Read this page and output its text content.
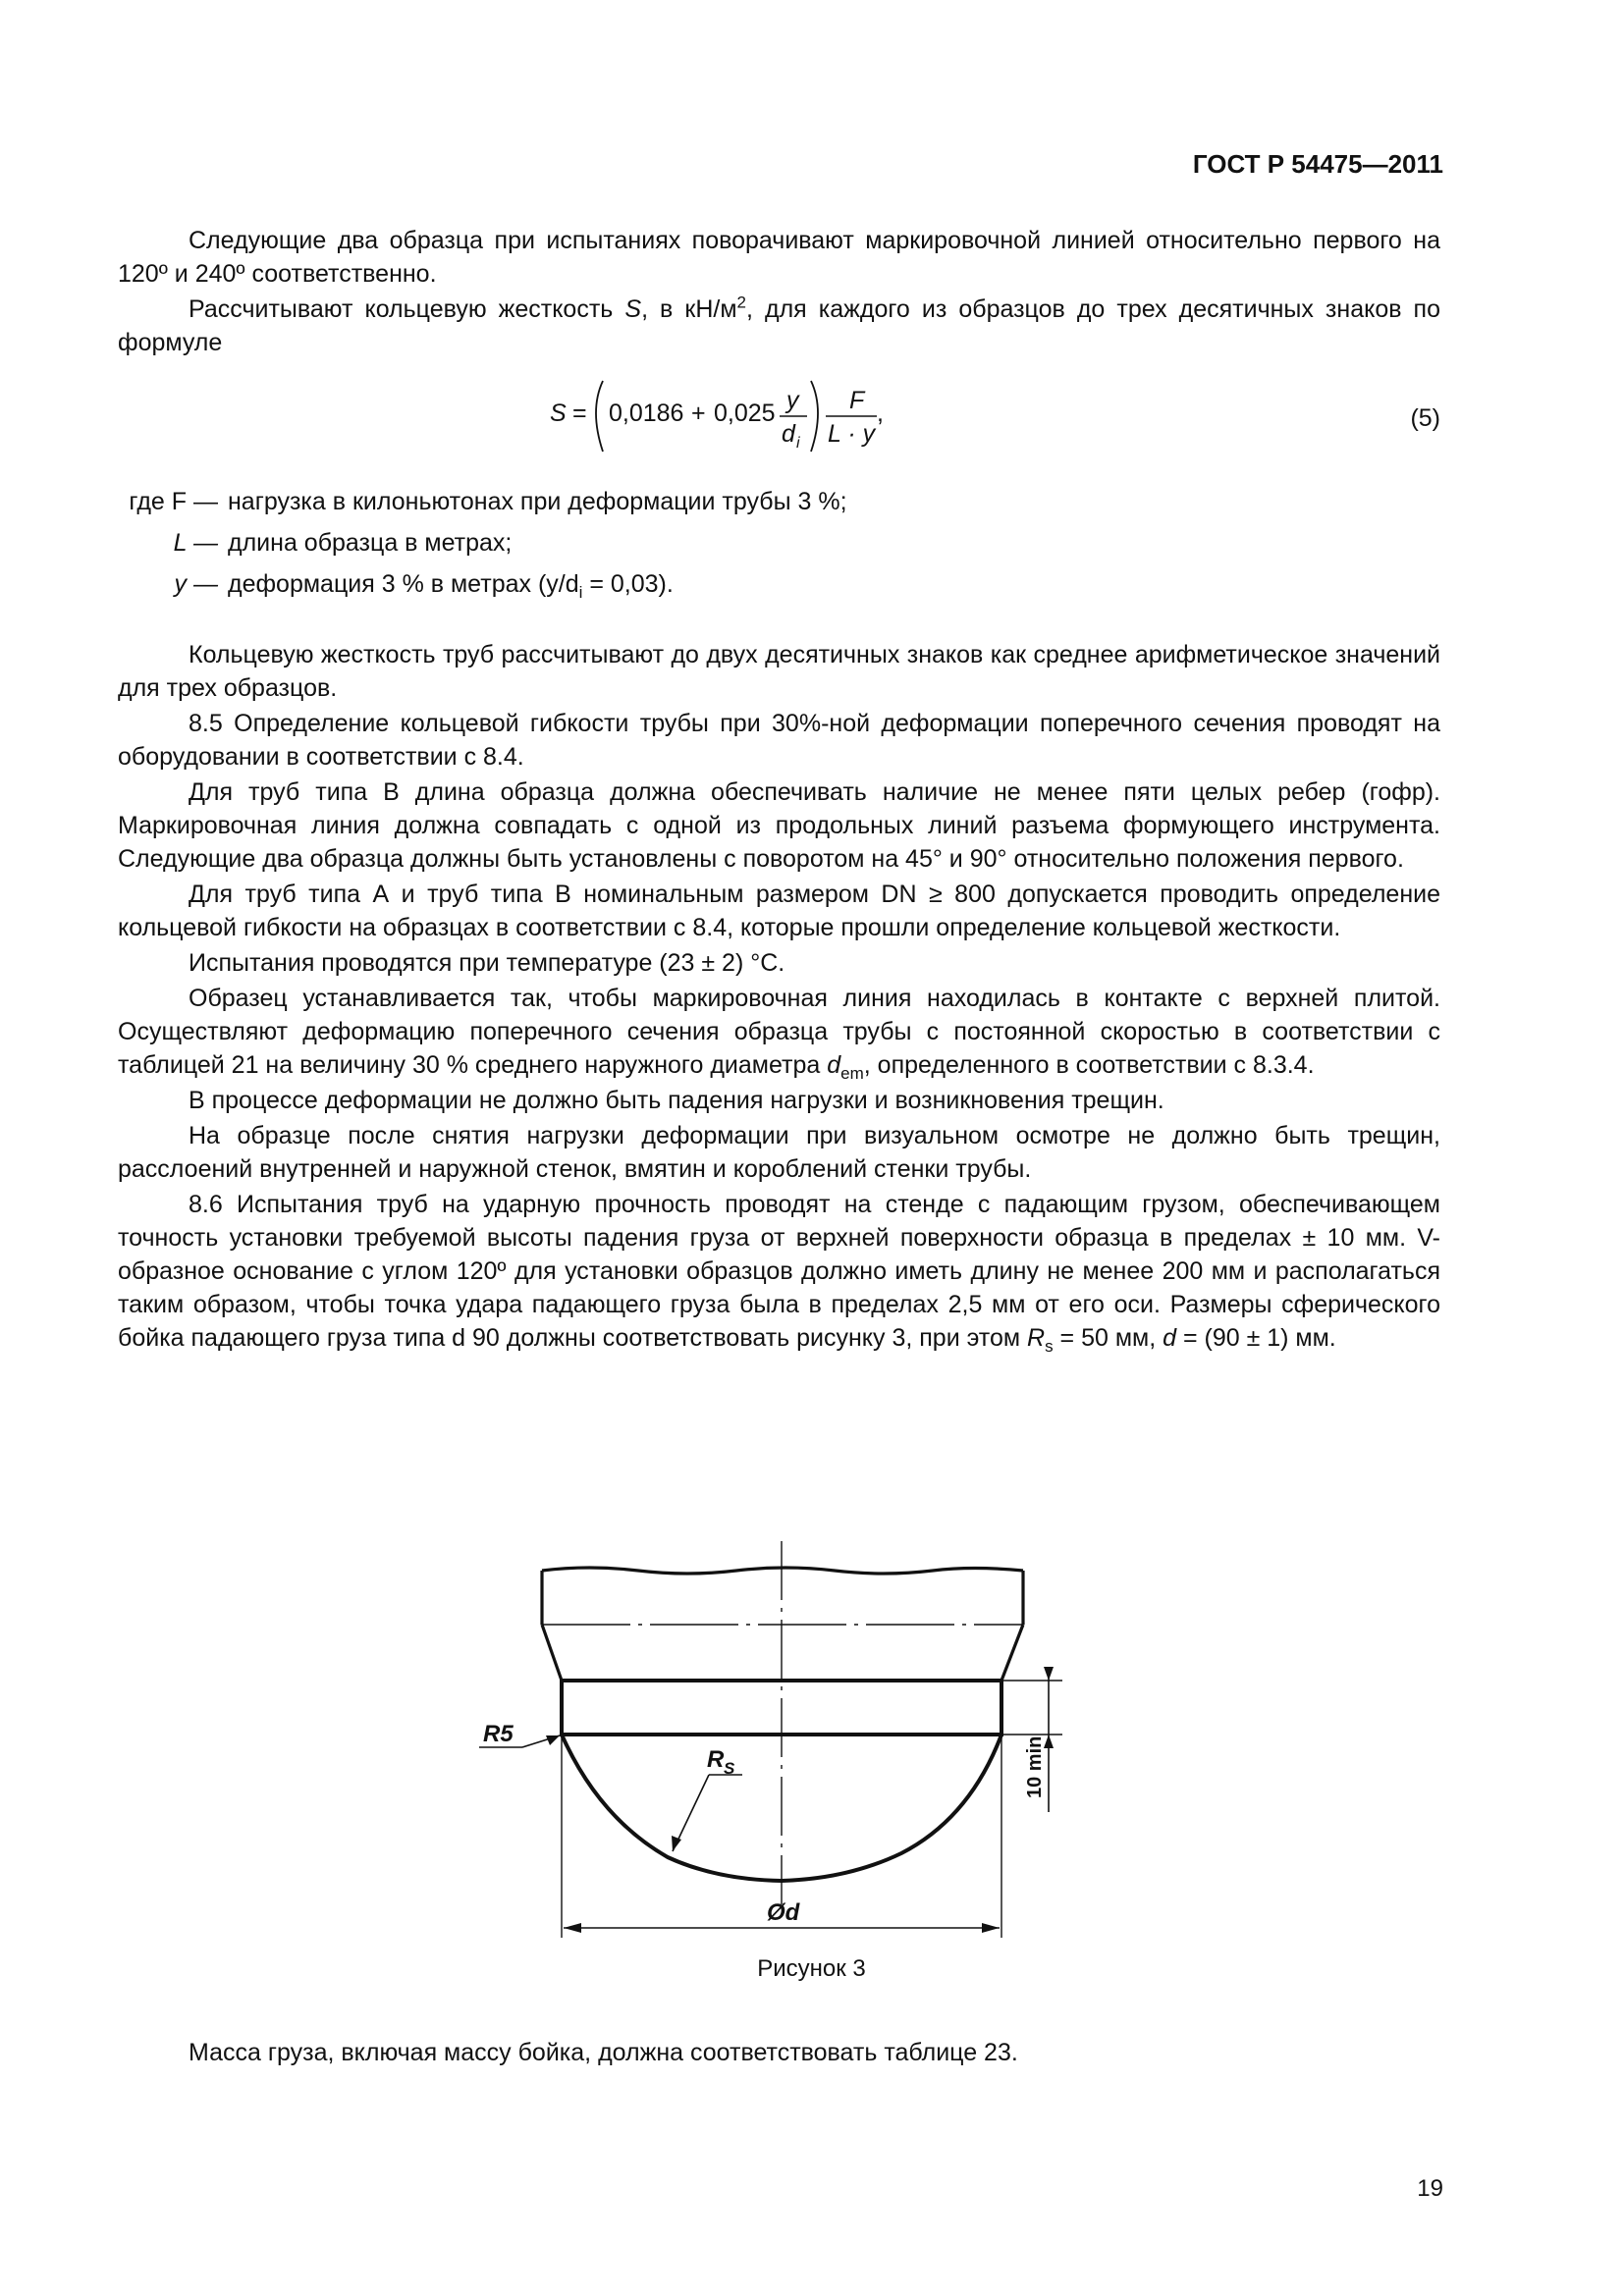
ГОСТ Р 54475—2011

Следующие два образца при испытаниях поворачивают маркировочной линией относительно первого на 120º и 240º соответственно.

Рассчитывают кольцевую жесткость S, в $кН/м^2$, для каждого из образцов до трех десятичных знаков по формуле

S = 0,0186 + 0,025 y
d i
F
L · y
,	(5)
где F — нагрузка в килоньютонах при деформации трубы 3 %;
L — длина образца в метрах;
y — деформация 3 % в метрах $(y/d_i = 0,03)$.

Кольцевую жесткость труб рассчитывают до двух десятичных знаков как среднее арифметическое значений для трех образцов.

8.5 Определение кольцевой гибкости трубы при 30%-ной деформации поперечного сечения проводят на оборудовании в соответствии с 8.4.

Для труб типа В длина образца должна обеспечивать наличие не менее пяти целых ребер (гофр). Маркировочная линия должна совпадать с одной из продольных линий разъема формующего инструмента. Следующие два образца должны быть установлены с поворотом на 45° и 90° относительно положения первого.

Для труб типа А и труб типа В номинальным размером DN ≥ 800 допускается проводить определение кольцевой гибкости на образцах в соответствии с 8.4, которые прошли определение кольцевой жесткости.

Испытания проводятся при температуре (23 ± 2) °С.

Образец устанавливается так, чтобы маркировочная линия находилась в контакте с верхней плитой. Осуществляют деформацию поперечного сечения образца трубы с постоянной скоростью в соответствии с таблицей 21 на величину 30 % среднего наружного диаметра $d_{em}$, определенного в соответствии с 8.3.4.

В процессе деформации не должно быть падения нагрузки и возникновения трещин.

На образце после снятия нагрузки деформации при визуальном осмотре не должно быть трещин, расслоений внутренней и наружной стенок, вмятин и короблений стенки трубы.

8.6 Испытания труб на ударную прочность проводят на стенде с падающим грузом, обеспечивающем точность установки требуемой высоты падения груза от верхней поверхности образца в пределах ± 10 мм. V-образное основание с углом 120º для установки образцов должно иметь длину не менее 200 мм и располагаться таким образом, чтобы точка удара падающего груза была в пределах 2,5 мм от его оси. Размеры сферического бойка падающего груза типа d 90 должны соответствовать рисунку 3, при этом $R_s = 50$ мм, d = (90 ± 1) мм.

R5
R S
Ød
10 min
Рисунок 3

Масса груза, включая массу бойка, должна соответствовать таблице 23.

19
